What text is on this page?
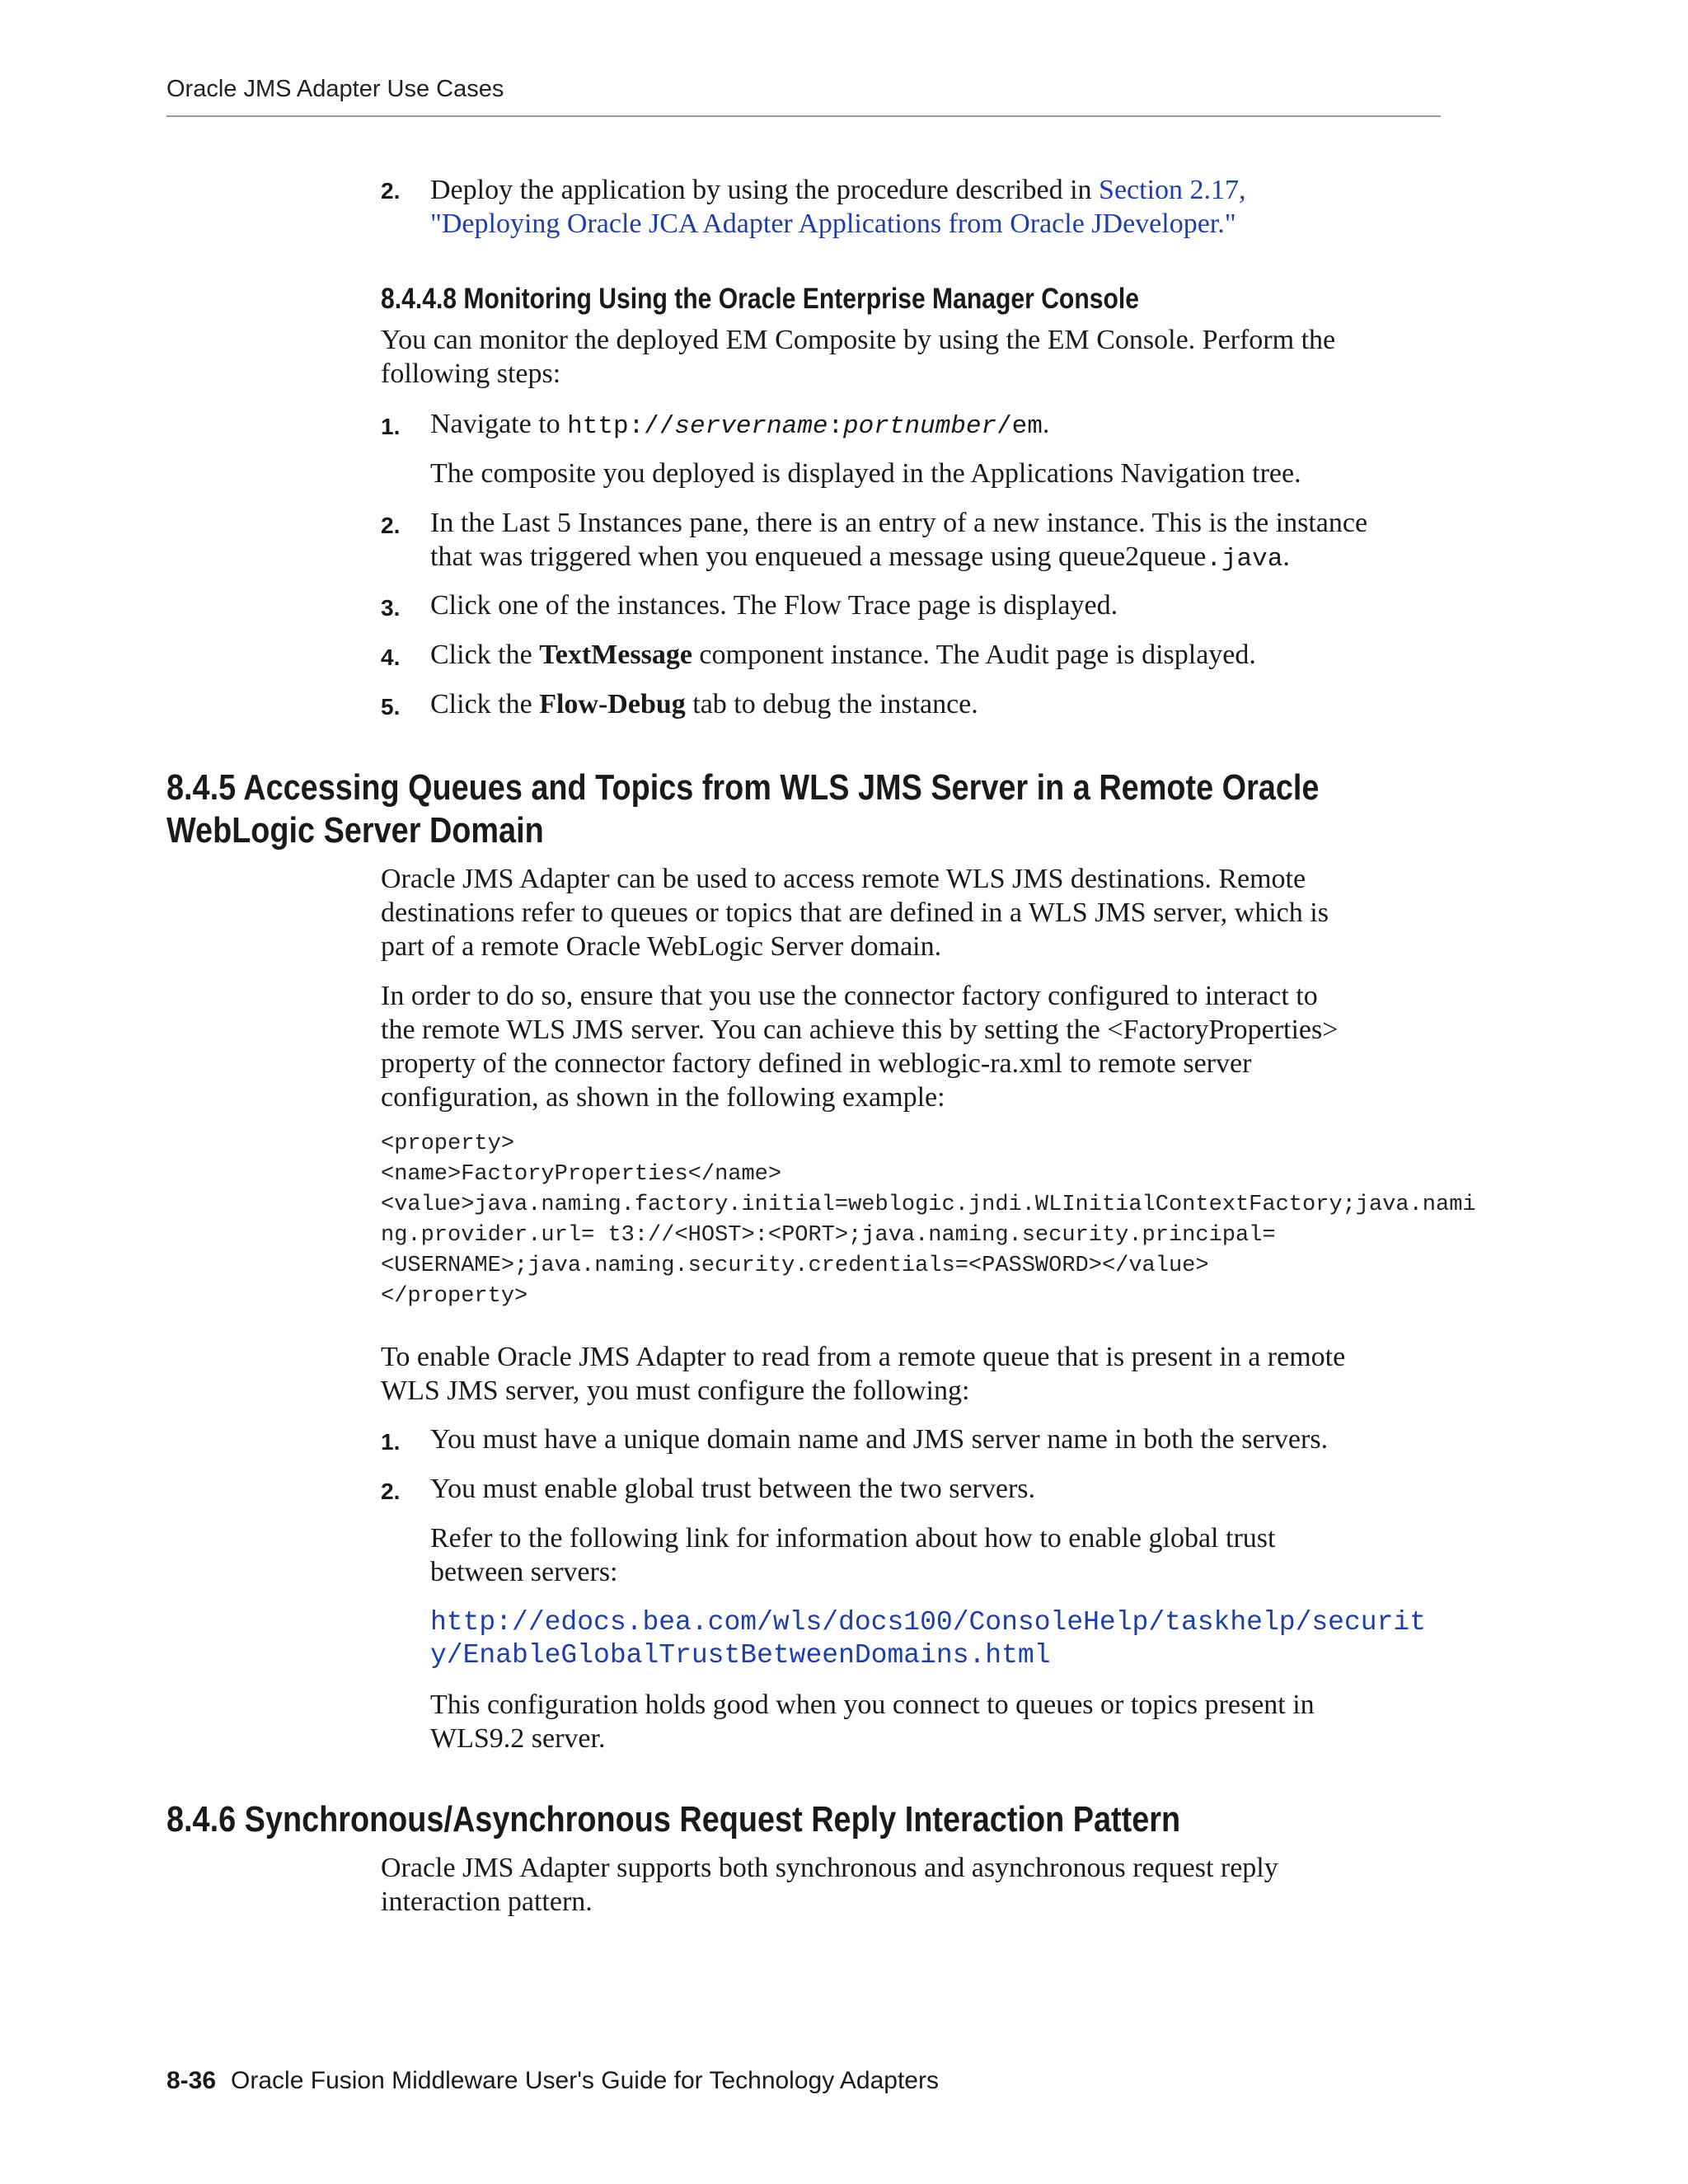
Oracle JMS Adapter Use Cases
2. Deploy the application by using the procedure described in Section 2.17,
"Deploying Oracle JCA Adapter Applications from Oracle JDeveloper."
8.4.4.8 Monitoring Using the Oracle Enterprise Manager Console
You can monitor the deployed EM Composite by using the EM Console. Perform the
following steps:
1. Navigate to http://servername:portnumber/em.
The composite you deployed is displayed in the Applications Navigation tree.
2. In the Last 5 Instances pane, there is an entry of a new instance. This is the instance
that was triggered when you enqueued a message using queue2queue.java.
3. Click one of the instances. The Flow Trace page is displayed.
4. Click the TextMessage component instance. The Audit page is displayed.
5. Click the Flow-Debug tab to debug the instance.
8.4.5 Accessing Queues and Topics from WLS JMS Server in a Remote Oracle
WebLogic Server Domain
Oracle JMS Adapter can be used to access remote WLS JMS destinations. Remote
destinations refer to queues or topics that are defined in a WLS JMS server, which is
part of a remote Oracle WebLogic Server domain.
In order to do so, ensure that you use the connector factory configured to interact to
the remote WLS JMS server. You can achieve this by setting the <FactoryProperties>
property of the connector factory defined in weblogic-ra.xml to remote server
configuration, as shown in the following example:
<property>
<name>FactoryProperties</name>
<value>java.naming.factory.initial=weblogic.jndi.WLInitialContextFactory;java.nami
ng.provider.url= t3://<HOST>:<PORT>;java.naming.security.principal=
<USERNAME>;java.naming.security.credentials=<PASSWORD></value>
</property>
To enable Oracle JMS Adapter to read from a remote queue that is present in a remote
WLS JMS server, you must configure the following:
1. You must have a unique domain name and JMS server name in both the servers.
2. You must enable global trust between the two servers.
Refer to the following link for information about how to enable global trust
between servers:
http://edocs.bea.com/wls/docs100/ConsoleHelp/taskhelp/securit
y/EnableGlobalTrustBetweenDomains.html
This configuration holds good when you connect to queues or topics present in
WLS9.2 server.
8.4.6 Synchronous/Asynchronous Request Reply Interaction Pattern
Oracle JMS Adapter supports both synchronous and asynchronous request reply
interaction pattern.
8-36 Oracle Fusion Middleware User's Guide for Technology Adapters
